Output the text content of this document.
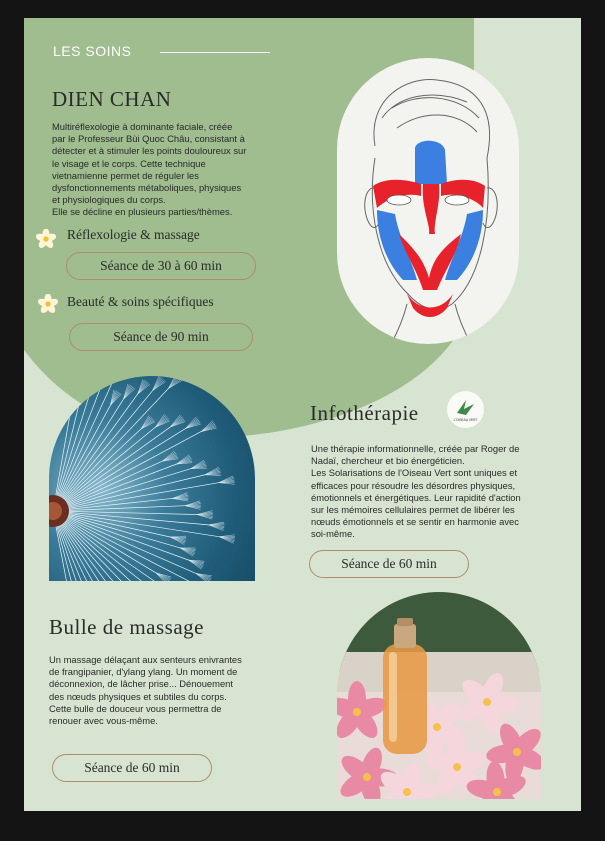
LES SOINS
DIEN CHAN
Multiréflexologie à dominante faciale, créée
par le Professeur Bùi Quoc Châu, consistant à
détecter et à stimuler les points douloureux sur
le visage et le corps. Cette technique
vietnamienne permet de réguler les
dysfonctionnements métaboliques, physiques
et physiologiques du corps.
Elle se décline en plusieurs parties/thèmes.
Réflexologie & massage
Séance de 30 à 60 min
Beauté & soins spécifiques
Séance de 90 min
Infothérapie	L'OISEAU VERT
Une thérapie informationnelle, créée par Roger de
Nadaï, chercheur et bio énergéticien.
Les Solarisations de l'Oiseau Vert sont uniques et
efficaces pour résoudre les désordres physiques,
émotionnels et énergétiques. Leur rapidité d'action
sur les mémoires cellulaires permet de libérer les
nœuds émotionnels et se sentir en harmonie avec
soi-même.
Séance de 60 min
Bulle de massage
Un massage délaçant aux senteurs enivrantes
de frangipanier, d'ylang ylang. Un moment de
déconnexion, de lâcher prise... Dénouement
des nœuds physiques et subtiles du corps.
Cette bulle de douceur vous permettra de
renouer avec vous-même.
Séance de 60 min
